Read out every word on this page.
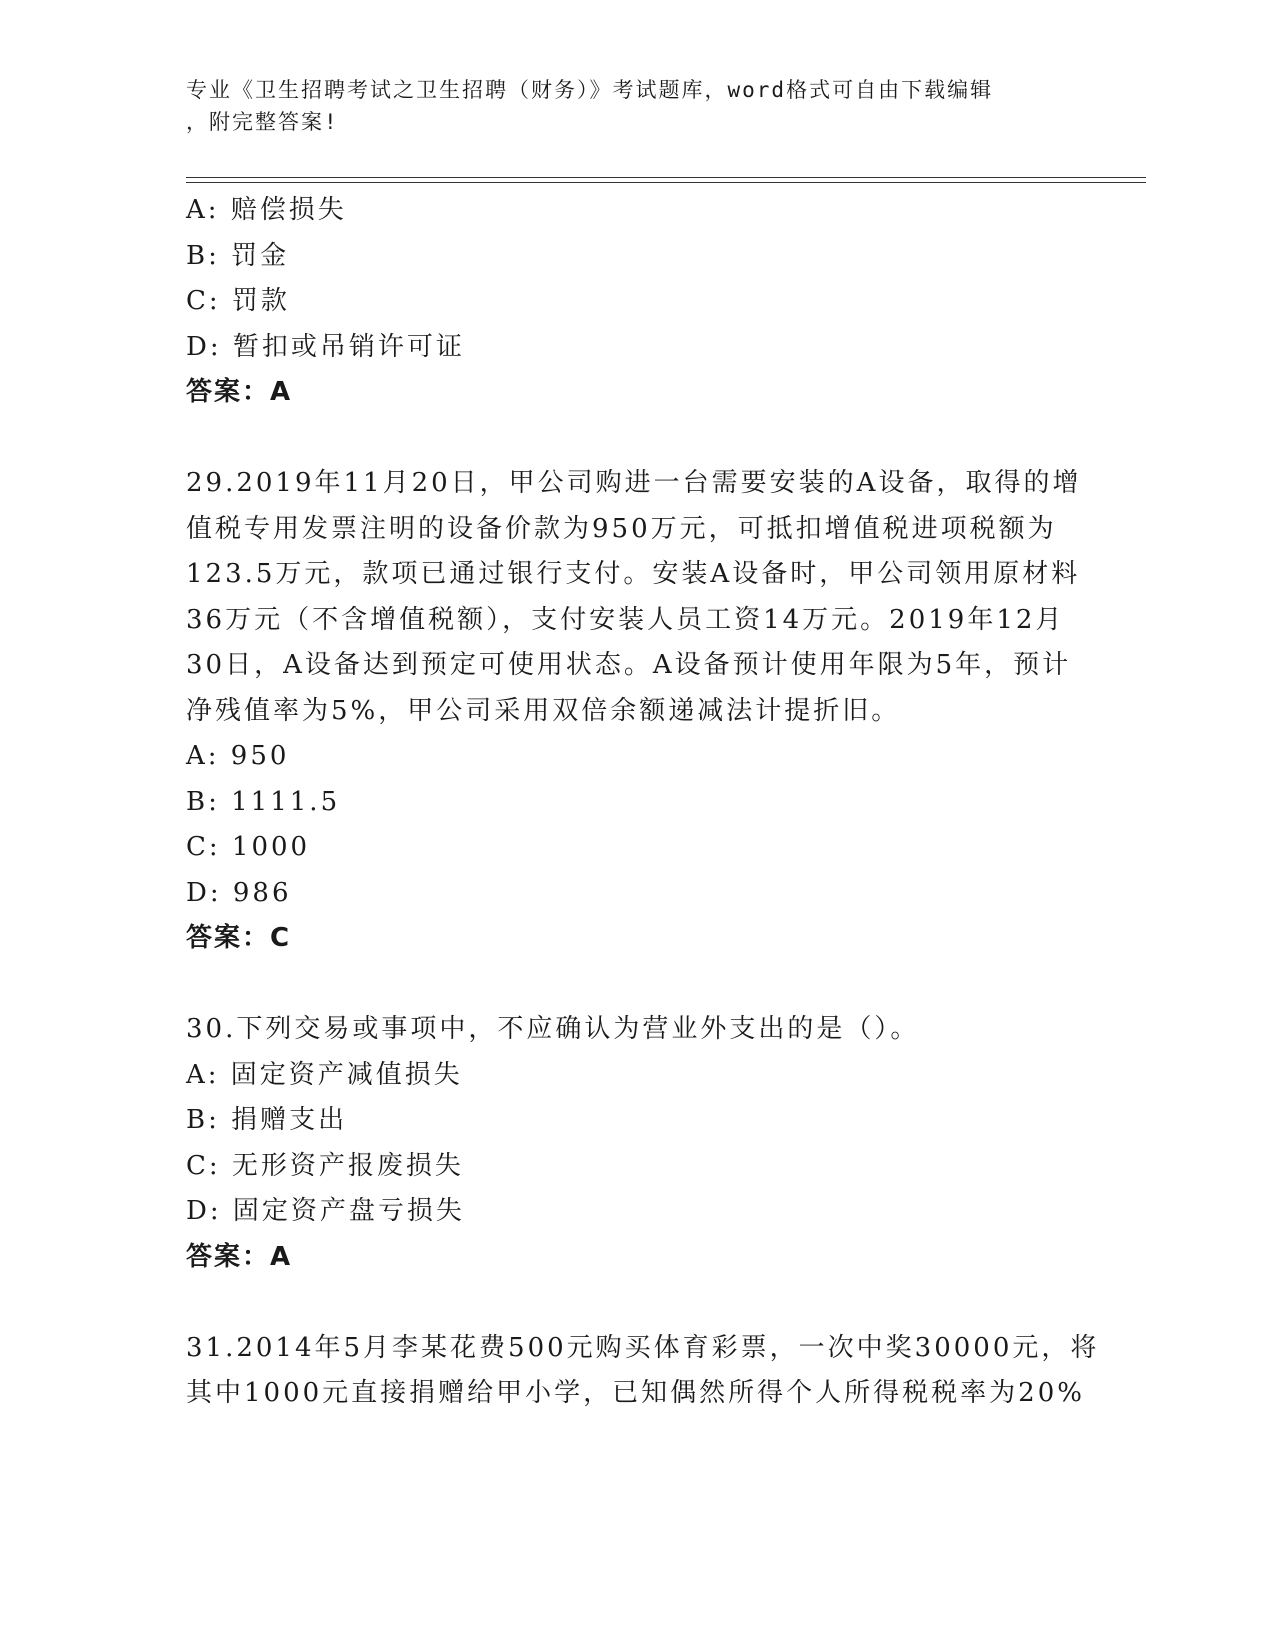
专业《卫生招聘考试之卫生招聘（财务）》考试题库，word格式可自由下载编辑
，附完整答案!
A: 赔偿损失
B: 罚金
C: 罚款
D: 暂扣或吊销许可证
答案：A
29.2019年11月20日，甲公司购进一台需要安装的A设备，取得的增
值税专用发票注明的设备价款为950万元，可抵扣增值税进项税额为
123.5万元，款项已通过银行支付。安装A设备时，甲公司领用原材料
36万元（不含增值税额），支付安装人员工资14万元。2019年12月
30日，A设备达到预定可使用状态。A设备预计使用年限为5年，预计
净残值率为5%，甲公司采用双倍余额递减法计提折旧。
A: 950
B: 1111.5
C: 1000
D: 986
答案：C
30.下列交易或事项中，不应确认为营业外支出的是（）。
A: 固定资产减值损失
B: 捐赠支出
C: 无形资产报废损失
D: 固定资产盘亏损失
答案：A
31.2014年5月李某花费500元购买体育彩票，一次中奖30000元，将
其中1000元直接捐赠给甲小学，已知偶然所得个人所得税税率为20%
